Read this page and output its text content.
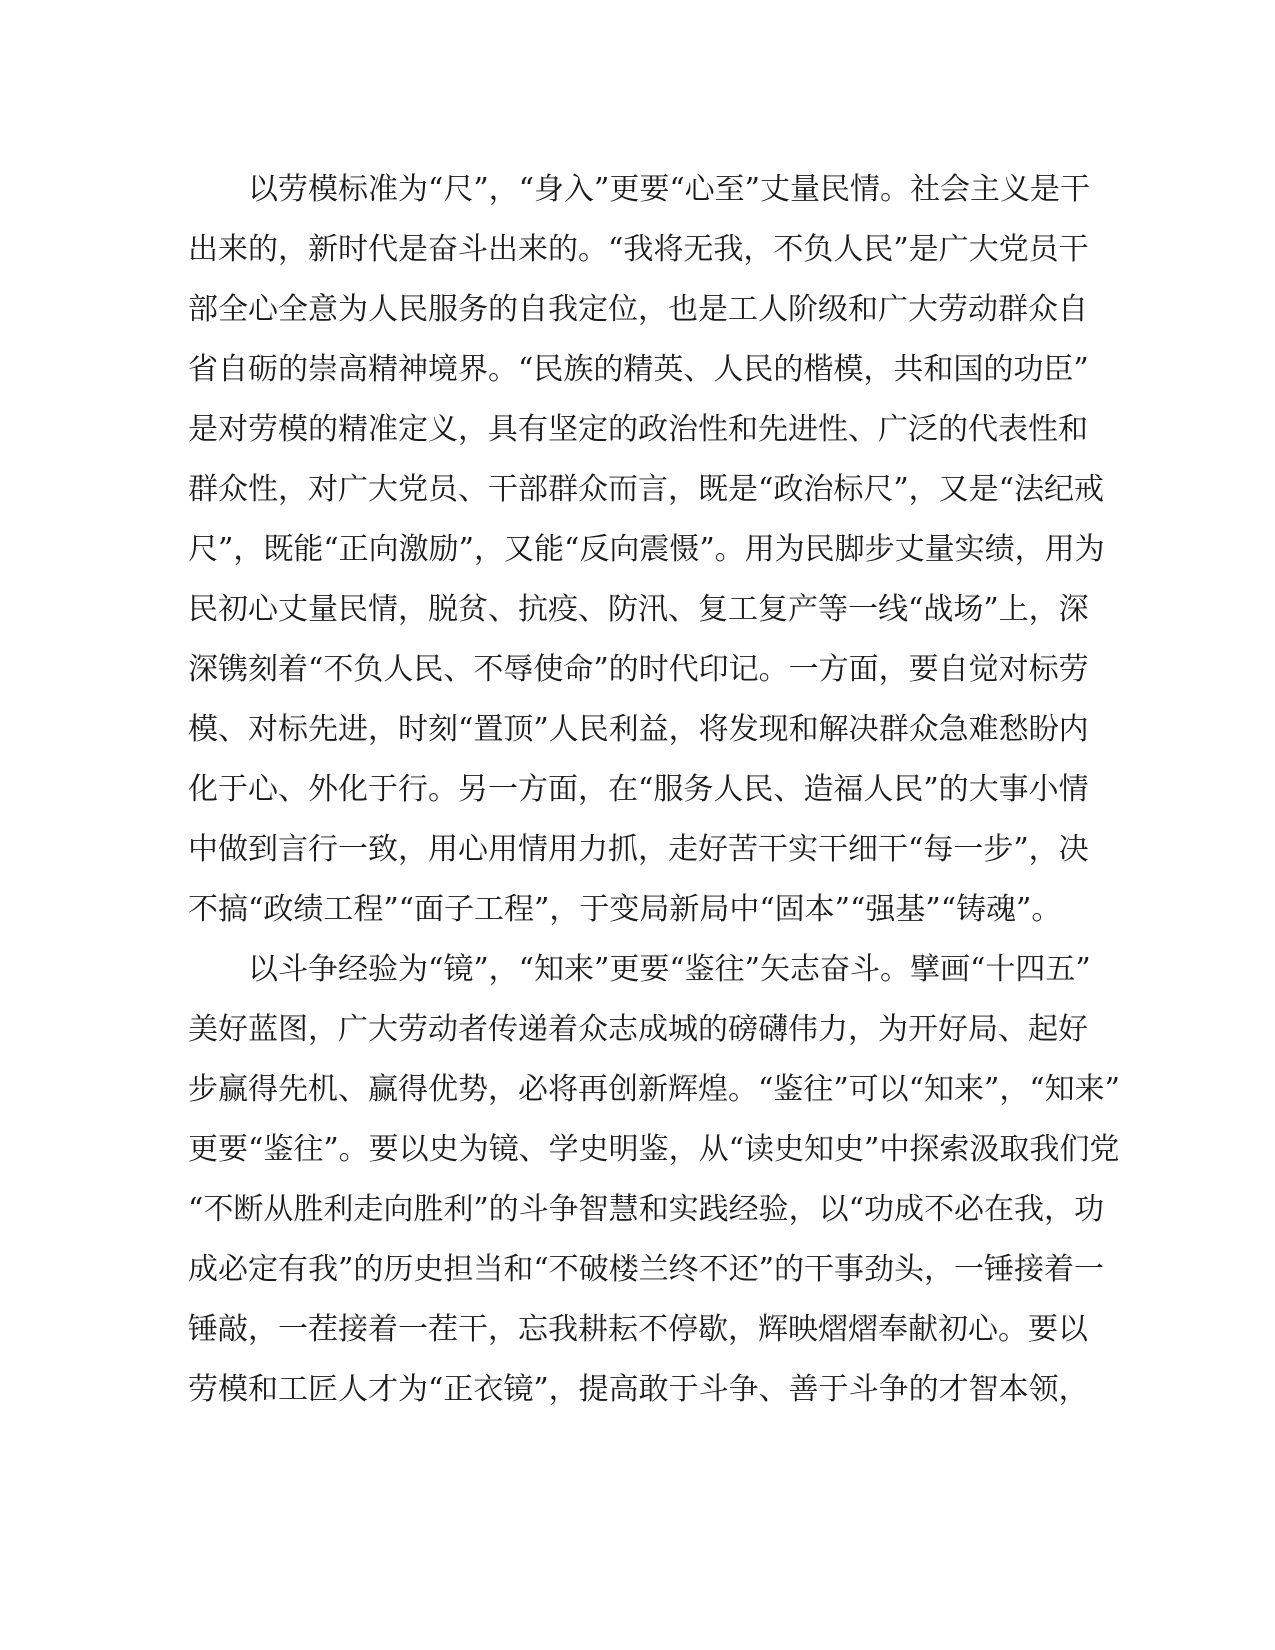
以劳模标准为“尺”，“身入”更要“心至”丈量民情。社会主义是干
出来的，新时代是奋斗出来的。“我将无我，不负人民”是广大党员干
部全心全意为人民服务的自我定位，也是工人阶级和广大劳动群众自
省自砺的崇高精神境界。“民族的精英、人民的楷模，共和国的功臣”
是对劳模的精准定义，具有坚定的政治性和先进性、广泛的代表性和
群众性，对广大党员、干部群众而言，既是“政治标尺”，又是“法纪戒
尺”，既能“正向激励”，又能“反向震慑”。用为民脚步丈量实绩，用为
民初心丈量民情，脱贫、抗疫、防汛、复工复产等一线“战场”上，深
深镌刻着“不负人民、不辱使命”的时代印记。一方面，要自觉对标劳
模、对标先进，时刻“置顶”人民利益，将发现和解决群众急难愁盼内
化于心、外化于行。另一方面，在“服务人民、造福人民”的大事小情
中做到言行一致，用心用情用力抓，走好苦干实干细干“每一步”，决
不搞“政绩工程”“面子工程”，于变局新局中“固本”“强基”“铸魂”。
以斗争经验为“镜”，“知来”更要“鉴往”矢志奋斗。擘画“十四五”
美好蓝图，广大劳动者传递着众志成城的磅礴伟力，为开好局、起好
步赢得先机、赢得优势，必将再创新辉煌。“鉴往”可以“知来”，“知来”
更要“鉴往”。要以史为镜、学史明鉴，从“读史知史”中探索汲取我们党
“不断从胜利走向胜利”的斗争智慧和实践经验，以“功成不必在我，功
成必定有我”的历史担当和“不破楼兰终不还”的干事劲头，一锤接着一
锤敲，一茬接着一茬干，忘我耕耘不停歇，辉映熠熠奉献初心。要以
劳模和工匠人才为“正衣镜”，提高敢于斗争、善于斗争的才智本领，
